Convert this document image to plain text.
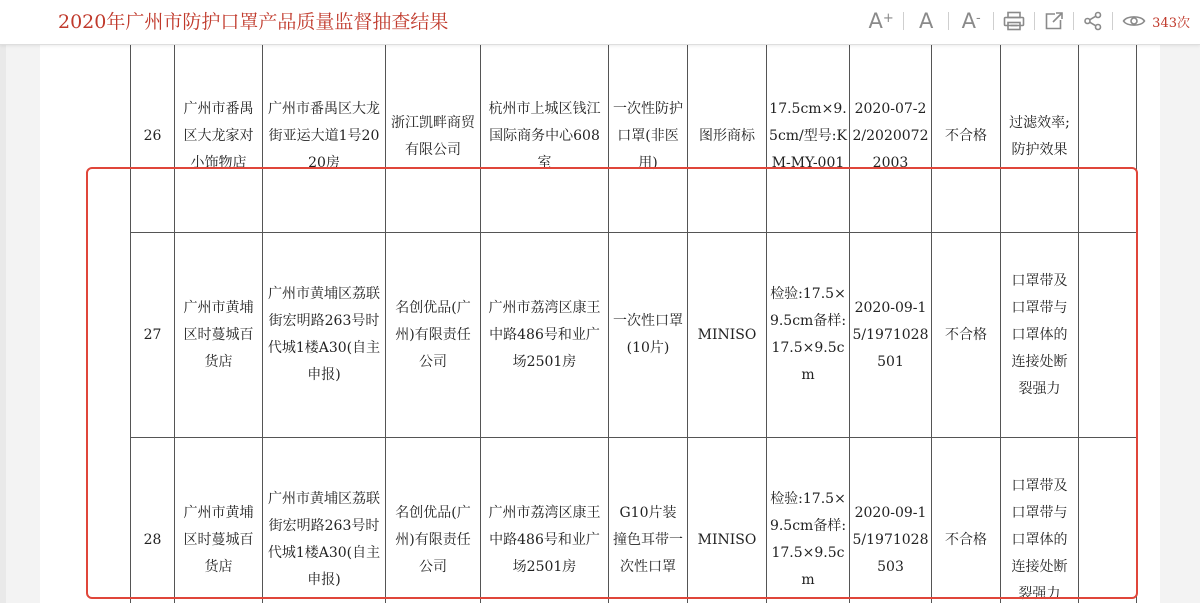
2020年广州市防护口罩产品质量监督抽查结果	A+ A A-	343次
26	广州市番禺区大龙家对小饰物店	广州市番禺区大龙街亚运大道1号2020房	浙江凯畔商贸有限公司	杭州市上城区钱江国际商务中心608室	一次性防护口罩(非医用)	图形商标	17.5cm×9.5cm/型号:KM-MY-001	2020-07-22/20200722003	不合格	过滤效率;防护效果	
27	广州市黄埔区时蔓城百货店	广州市黄埔区荔联街宏明路263号时代城1楼A30(自主申报)	名创优品(广州)有限责任公司	广州市荔湾区康王中路486号和业广场2501房	一次性口罩(10片)	MINISO	检验:17.5×9.5cm备样:17.5×9.5cm	2020-09-15/1971028501	不合格	口罩带及口罩带与口罩体的连接处断裂强力	
28	广州市黄埔区时蔓城百货店	广州市黄埔区荔联街宏明路263号时代城1楼A30(自主申报)	名创优品(广州)有限责任公司	广州市荔湾区康王中路486号和业广场2501房	G10片装撞色耳带一次性口罩	MINISO	检验:17.5×9.5cm备样:17.5×9.5cm	2020-09-15/1971028503	不合格	口罩带及口罩带与口罩体的连接处断裂强力	
